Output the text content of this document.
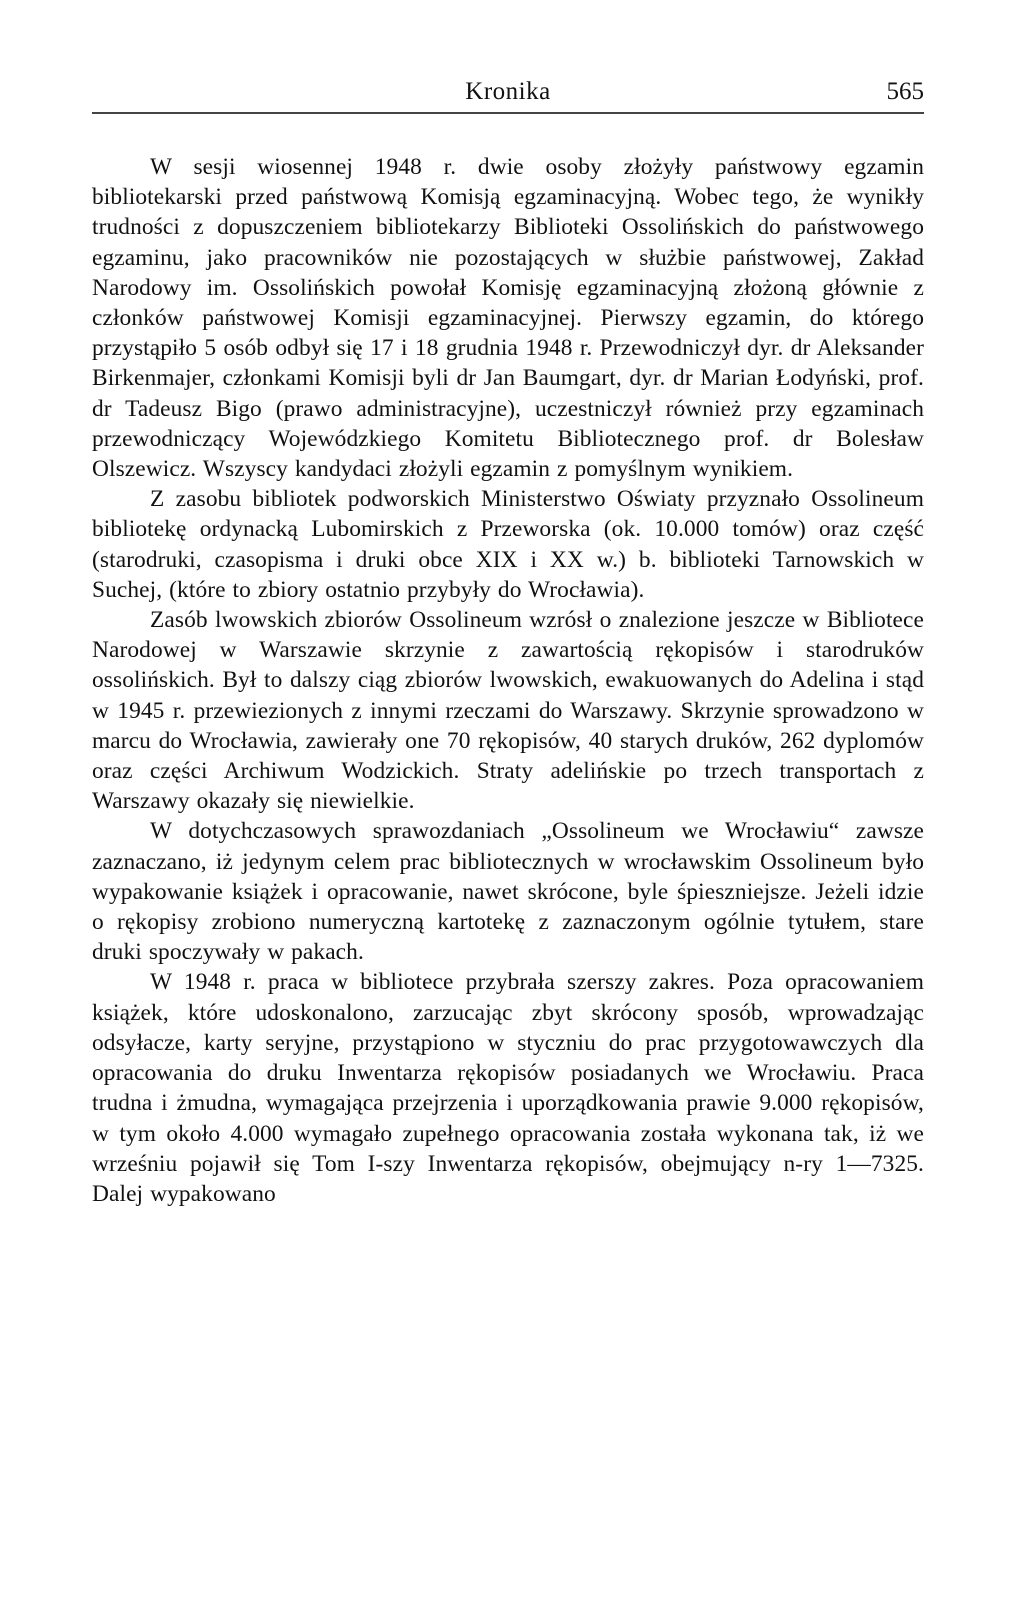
Kronika	565

W sesji wiosennej 1948 r. dwie osoby złożyły państwowy egzamin bibliotekarski przed państwową Komisją egzaminacyjną. Wobec tego, że wynikły trudności z dopuszczeniem bibliotekarzy Biblioteki Ossolińskich do państwowego egzaminu, jako pracowników nie pozostających w służbie państwowej, Zakład Narodowy im. Ossolińskich powołał Komisję egzaminacyjną złożoną głównie z członków państwowej Komisji egzaminacyjnej. Pierwszy egzamin, do którego przystąpiło 5 osób odbył się 17 i 18 grudnia 1948 r. Przewodniczył dyr. dr Aleksander Birkenmajer, członkami Komisji byli dr Jan Baumgart, dyr. dr Marian Łodyński, prof. dr Tadeusz Bigo (prawo administracyjne), uczestniczył również przy egzaminach przewodniczący Wojewódzkiego Komitetu Bibliotecznego prof. dr Bolesław Olszewicz. Wszyscy kandydaci złożyli egzamin z pomyślnym wynikiem.

Z zasobu bibliotek podworskich Ministerstwo Oświaty przyznało Ossolineum bibliotekę ordynacką Lubomirskich z Przeworska (ok. 10.000 tomów) oraz część (starodruki, czasopisma i druki obce XIX i XX w.) b. biblioteki Tarnowskich w Suchej, (które to zbiory ostatnio przybyły do Wrocławia).

Zasób lwowskich zbiorów Ossolineum wzrósł o znalezione jeszcze w Bibliotece Narodowej w Warszawie skrzynie z zawartością rękopisów i starodruków ossolińskich. Był to dalszy ciąg zbiorów lwowskich, ewakuowanych do Adelina i stąd w 1945 r. przewiezionych z innymi rzeczami do Warszawy. Skrzynie sprowadzono w marcu do Wrocławia, zawierały one 70 rękopisów, 40 starych druków, 262 dyplomów oraz części Archiwum Wodzickich. Straty adelińskie po trzech transportach z Warszawy okazały się niewielkie.

W dotychczasowych sprawozdaniach „Ossolineum we Wrocławiu“ zawsze zaznaczano, iż jedynym celem prac bibliotecznych w wrocławskim Ossolineum było wypakowanie książek i opracowanie, nawet skrócone, byle śpieszniejsze. Jeżeli idzie o rękopisy zrobiono numeryczną kartotekę z zaznaczonym ogólnie tytułem, stare druki spoczywały w pakach.

W 1948 r. praca w bibliotece przybrała szerszy zakres. Poza opracowaniem książek, które udoskonalono, zarzucając zbyt skrócony sposób, wprowadzając odsyłacze, karty seryjne, przystąpiono w styczniu do prac przygotowawczych dla opracowania do druku Inwentarza rękopisów posiadanych we Wrocławiu. Praca trudna i żmudna, wymagająca przejrzenia i uporządkowania prawie 9.000 rękopisów, w tym około 4.000 wymagało zupełnego opracowania została wykonana tak, iż we wrześniu pojawił się Tom I-szy Inwentarza rękopisów, obejmujący n-ry 1—7325. Dalej wypakowano
